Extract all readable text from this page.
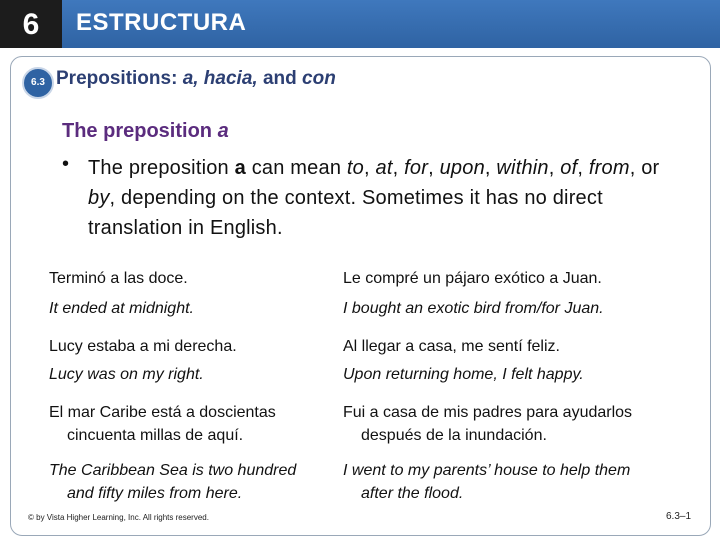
6	ESTRUCTURA
6.3 Prepositions: a, hacia, and con
The preposition a
• The preposition a can mean to, at, for, upon, within, of, from, or by, depending on the context. Sometimes it has no direct translation in English.
Terminó a las doce.
It ended at midnight.
Le compré un pájaro exótico a Juan.
I bought an exotic bird from/for Juan.
Lucy estaba a mi derecha.
Lucy was on my right.
Al llegar a casa, me sentí feliz.
Upon returning home, I felt happy.
El mar Caribe está a doscientas
cincuenta millas de aquí.
The Caribbean Sea is two hundred
and fifty miles from here.
Fui a casa de mis padres para ayudarlos
después de la inundación.
I went to my parents’ house to help them
after the flood.
© by Vista Higher Learning, Inc. All rights reserved.	6.3–1
